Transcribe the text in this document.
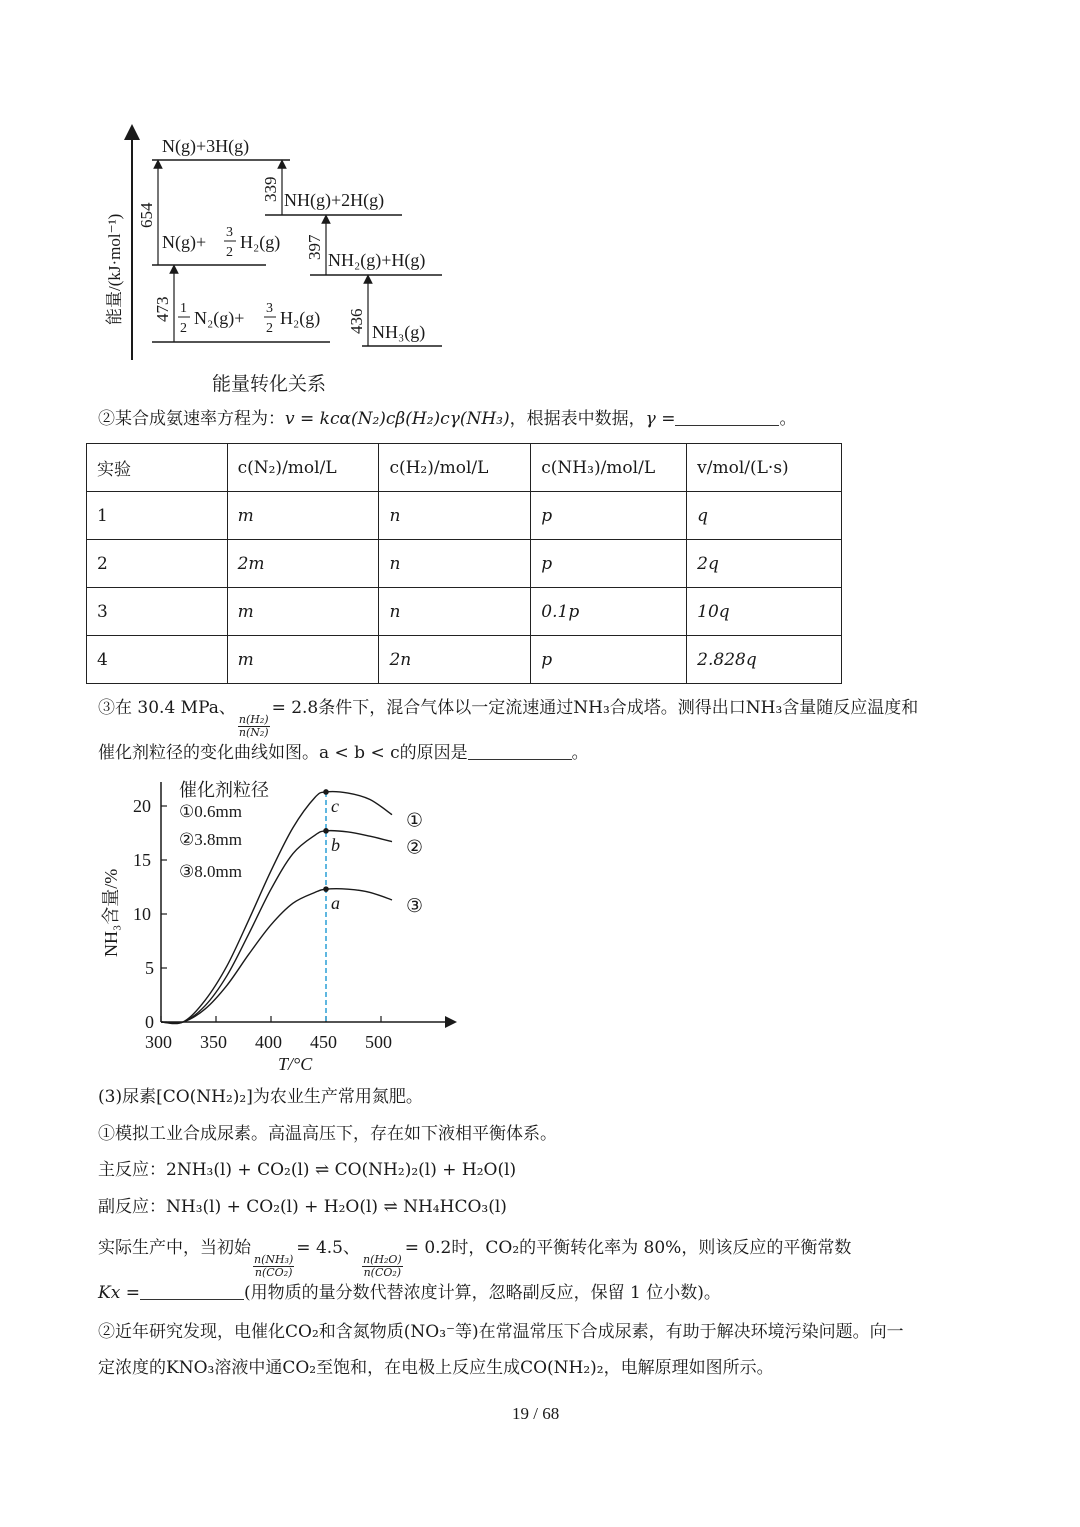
能量/(kJ·mol⁻¹) 654
339
397
473	436
N(g)+3H(g)
NH(g)+2H(g)
N(g)+ 3
2
H₂(g)
NH₂(g)+H(g)
1
2
N₂(g)+ 3
2
H₂(g)
NH₃(g)
能量转化关系
②某合成氨速率方程为：v = kcα(N₂)cβ(H₂)cγ(NH₃)，根据表中数据，γ =	。
实验	c(N₂)/mol/L	c(H₂)/mol/L	c(NH₃)/mol/L	v/mol/(L·s)
1	m	n	p	q
2	2m	n	p	2q
3	m	n	0.1p	10q
4	m	2n	p	2.828q
③在 30.4 MPa、
$\frac{\text{n(H₂)}}{\text{n(N₂)}}$
= 2.8条件下，混合气体以一定流速通过NH₃合成塔。测得出口NH₃含量随反应温度和
催化剂粒径的变化曲线如图。a < b < c的原因是	。
300 350 400 450 500
0
5
10
15
20	c
①
b	②
a	③
NH₃含量/%
T/°C
催化剂粒径
①0.6mm
②3.8mm
③8.0mm
(3)尿素[CO(NH₂)₂]为农业生产常用氮肥。
①模拟工业合成尿素。高温高压下，存在如下液相平衡体系。
主反应：2NH₃(l) + CO₂(l) ⇌ CO(NH₂)₂(l) + H₂O(l)
副反应：NH₃(l) + CO₂(l) + H₂O(l) ⇌ NH₄HCO₃(l)
实际生产中，当初始
$\frac{\text{n(NH₃)}}{\text{n(CO₂)}}$
= 4.5、
$\frac{\text{n(H₂O)}}{\text{n(CO₂)}}$
= 0.2时，CO₂的平衡转化率为 80%，则该反应的平衡常数
Kx =	(用物质的量分数代替浓度计算，忽略副反应，保留 1 位小数)。
②近年研究发现，电催化CO₂和含氮物质(NO₃⁻等)在常温常压下合成尿素，有助于解决环境污染问题。向一
定浓度的KNO₃溶液中通CO₂至饱和，在电极上反应生成CO(NH₂)₂，电解原理如图所示。
19 / 68
